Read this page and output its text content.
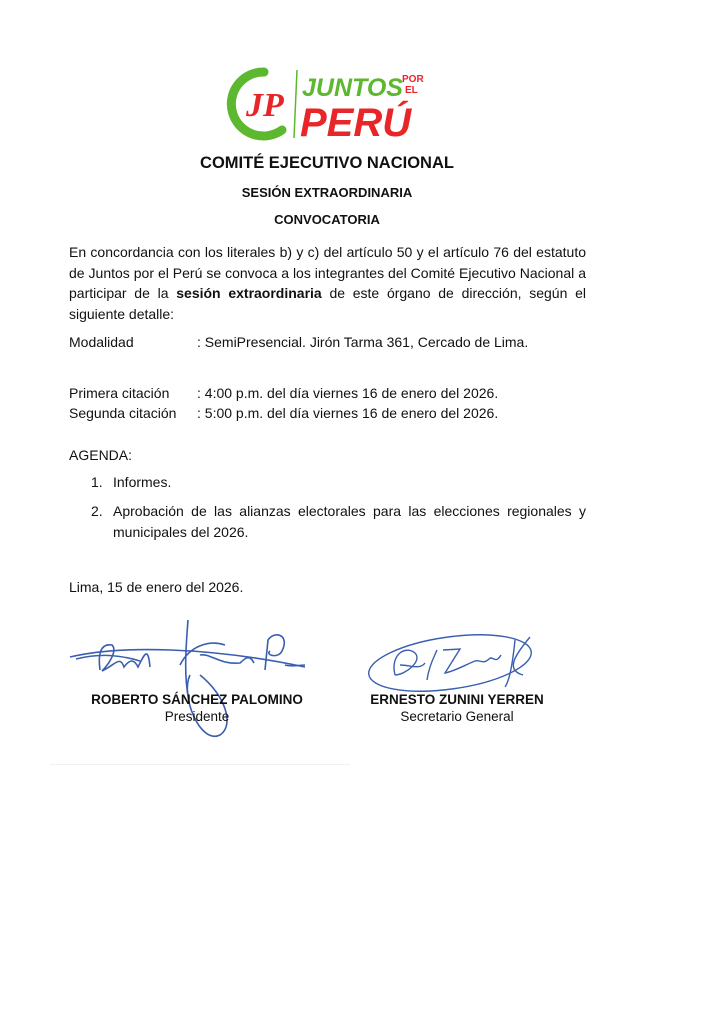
JP JUNTOS POR
EL
PERÚ
COMITÉ EJECUTIVO NACIONAL
SESIÓN EXTRAORDINARIA
CONVOCATORIA
En concordancia con los literales b) y c) del artículo 50 y el artículo 76 del estatuto de Juntos por el Perú se convoca a los integrantes del Comité Ejecutivo Nacional a participar de la sesión extraordinaria de este órgano de dirección, según el siguiente detalle:
Modalidad	: SemiPresencial. Jirón Tarma 361, Cercado de Lima.
Primera citación : 4:00 p.m. del día viernes 16 de enero del 2026.
Segunda citación : 5:00 p.m. del día viernes 16 de enero del 2026.
AGENDA:
1. Informes.
2. Aprobación de las alianzas electorales para las elecciones regionales y municipales del 2026.
Lima, 15 de enero del 2026.
ROBERTO SÁNCHEZ PALOMINO
Presidente
ERNESTO ZUNINI YERREN
Secretario General
